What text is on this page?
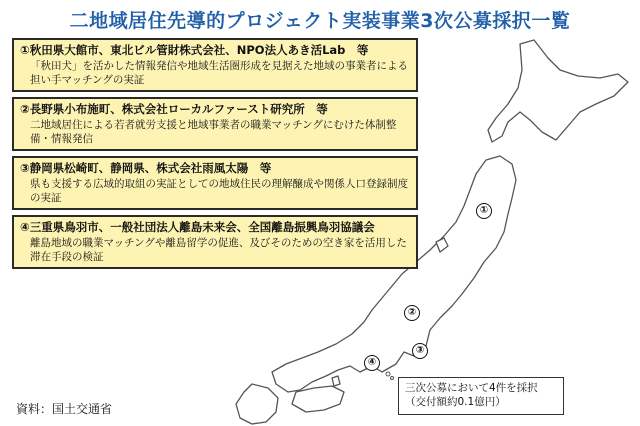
二地域居住先導的プロジェクト実装事業3次公募採択一覧
①秋田県大館市、東北ビル管財株式会社、NPO法人あき活Lab　等
「秋田犬」を活かした情報発信や地域生活圏形成を見据えた地域の事業者による担い手マッチングの実証
②長野県小布施町、株式会社ローカルファースト研究所　等
二地域居住による若者就労支援と地域事業者の職業マッチングにむけた体制整備・情報発信
③静岡県松崎町、静岡県、株式会社雨風太陽　等
県も支援する広域的取組の実証としての地域住民の理解醸成や関係人口登録制度の実証
④三重県鳥羽市、一般社団法人離島未来会、全国離島振興鳥羽協議会
離島地域の職業マッチングや離島留学の促進、及びそのための空き家を活用した滞在手段の検証
①
②
③
④
三次公募において4件を採択
（交付額約0.1億円）
資料：国土交通省
